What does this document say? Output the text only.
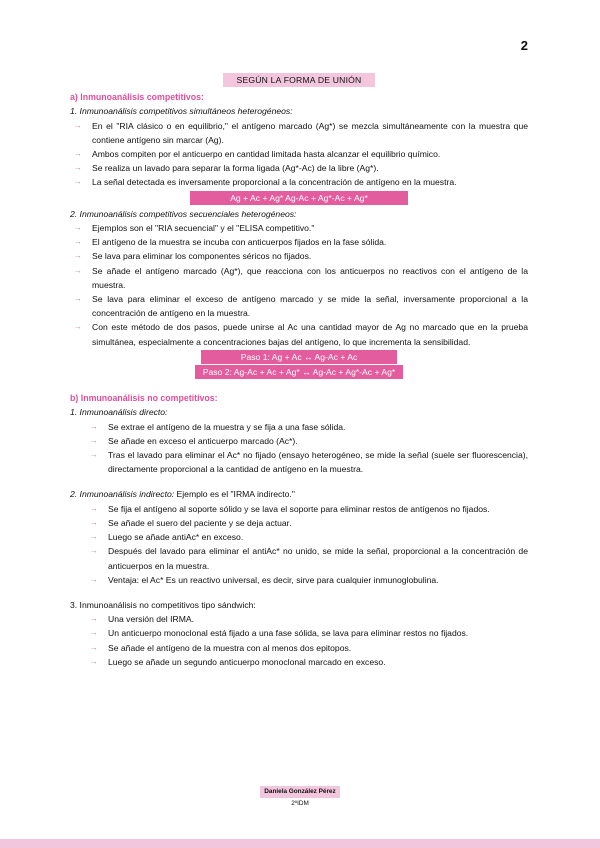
2
SEGÚN LA FORMA DE UNIÓN
a) Inmunoanálisis competitivos:
1. Inmunoanálisis competitivos simultáneos heterogéneos:
→ En el "RIA clásico o en equilibrio," el antígeno marcado (Ag*) se mezcla simultáneamente con la muestra que contiene antígeno sin marcar (Ag).
→ Ambos compiten por el anticuerpo en cantidad limitada hasta alcanzar el equilibrio químico.
→ Se realiza un lavado para separar la forma ligada (Ag*-Ac) de la libre (Ag*).
→ La señal detectada es inversamente proporcional a la concentración de antígeno en la muestra.
Ag + Ac + Ag* Ag-Ac + Ag*-Ac + Ag*
2. Inmunoanálisis competitivos secuenciales heterogéneos:
→ Ejemplos son el "RIA secuencial" y el "ELISA competitivo."
→ El antígeno de la muestra se incuba con anticuerpos fijados en la fase sólida.
→ Se lava para eliminar los componentes séricos no fijados.
→ Se añade el antígeno marcado (Ag*), que reacciona con los anticuerpos no reactivos con el antígeno de la muestra.
→ Se lava para eliminar el exceso de antígeno marcado y se mide la señal, inversamente proporcional a la concentración de antígeno en la muestra.
→ Con este método de dos pasos, puede unirse al Ac una cantidad mayor de Ag no marcado que en la prueba simultánea, especialmente a concentraciones bajas del antígeno, lo que incrementa la sensibilidad.
Paso 1: Ag + Ac ↔ Ag-Ac + Ac
Paso 2: Ag-Ac + Ac + Ag* ↔ Ag-Ac + Ag*-Ac + Ag*
b) Inmunoanálisis no competitivos:
1. Inmunoanálisis directo:
→ Se extrae el antígeno de la muestra y se fija a una fase sólida.
→ Se añade en exceso el anticuerpo marcado (Ac*).
→ Tras el lavado para eliminar el Ac* no fijado (ensayo heterogéneo, se mide la señal (suele ser fluorescencia), directamente proporcional a la cantidad de antígeno en la muestra.
2. Inmunoanálisis indirecto: Ejemplo es el "IRMA indirecto."
→ Se fija el antígeno al soporte sólido y se lava el soporte para eliminar restos de antígenos no fijados.
→ Se añade el suero del paciente y se deja actuar.
→ Luego se añade antiAc* en exceso.
→ Después del lavado para eliminar el antiAc* no unido, se mide la señal, proporcional a la concentración de anticuerpos en la muestra.
→ Ventaja: el Ac* Es un reactivo universal, es decir, sirve para cualquier inmunoglobulina.
3. Inmunoanálisis no competitivos tipo sándwich:
→ Una versión del IRMA.
→ Un anticuerpo monoclonal está fijado a una fase sólida, se lava para eliminar restos no fijados.
→ Se añade el antígeno de la muestra con al menos dos epitopos.
→ Luego se añade un segundo anticuerpo monoclonal marcado en exceso.
Daniela González Pérez
2ºIDM
